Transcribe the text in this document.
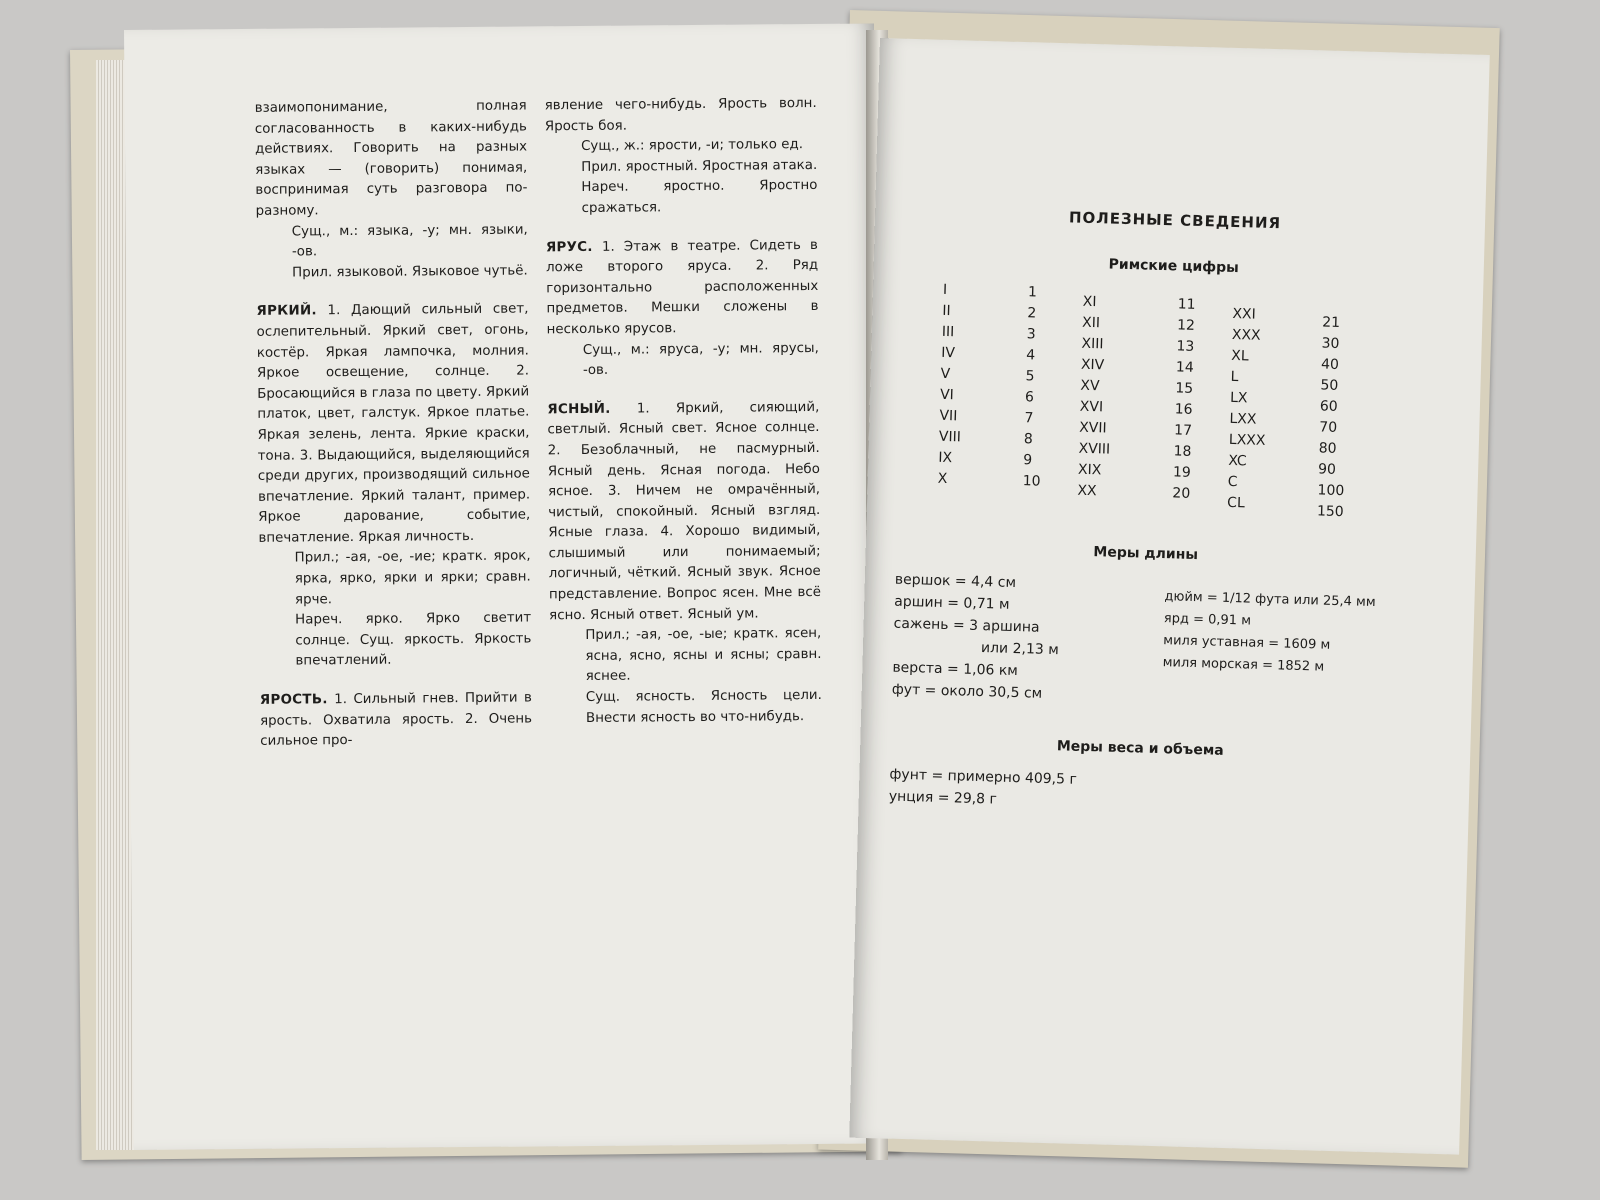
взаимопонимание, полная согласованность в каких-нибудь действиях. Говорить на разных языках — (говорить) понимая, воспринимая суть разговора по-разному.

Сущ., м.: языка, -у; мн. языки, -ов.

Прил. языковой. Языковое чутьё.

ЯРКИЙ. 1. Дающий сильный свет, ослепительный. Яркий свет, огонь, костёр. Яркая лампочка, молния. Яркое освещение, солнце. 2. Бросающийся в глаза по цвету. Яркий платок, цвет, галстук. Яркое платье. Яркая зелень, лента. Яркие краски, тона. 3. Выдающийся, выделяющийся среди других, производящий сильное впечатление. Яркий талант, пример. Яркое дарование, событие, впечатление. Яркая личность.

Прил.; -ая, -ое, -ие; кратк. ярок, ярка, ярко, ярки и ярки; сравн. ярче.

Нареч. ярко. Ярко светит солнце. Сущ. яркость. Яркость впечатлений.

ЯРОСТЬ. 1. Сильный гнев. Прийти в ярость. Охватила ярость. 2. Очень сильное про-

явление чего-нибудь. Ярость волн. Ярость боя.

Сущ., ж.: ярости, -и; только ед.

Прил. яростный. Яростная атака. Нареч. яростно. Яростно сражаться.

ЯРУС. 1. Этаж в театре. Сидеть в ложе второго яруса. 2. Ряд горизонтально расположенных предметов. Мешки сложены в несколько ярусов.

Сущ., м.: яруса, -у; мн. ярусы, -ов.

ЯСНЫЙ. 1. Яркий, сияющий, светлый. Ясный свет. Ясное солнце. 2. Безоблачный, не пасмурный. Ясный день. Ясная погода. Небо ясное. 3. Ничем не омрачённый, чистый, спокойный. Ясный взгляд. Ясные глаза. 4. Хорошо видимый, слышимый или понимаемый; логичный, чёткий. Ясный звук. Ясное представление. Вопрос ясен. Мне всё ясно. Ясный ответ. Ясный ум.

Прил.; -ая, -ое, -ые; кратк. ясен, ясна, ясно, ясны и ясны; сравн. яснее.

Сущ. ясность. Ясность цели. Внести ясность во что-нибудь.

ПОЛЕЗНЫЕ СВЕДЕНИЯ
Римские цифры
I
II
III
IV
V
VI
VII
VIII
IX
X
1
2
3
4
5
6
7
8
9
10
XI
XII
XIII
XIV
XV
XVI
XVII
XVIII
XIX
XX
11
12
13
14
15
16
17
18
19
20
XXI
XXX
XL
L
LX
LXX
LXXX
XC
C
CL
21
30
40
50
60
70
80
90
100
150
Меры длины
вершок = 4,4 см
аршин = 0,71 м
сажень = 3 аршина
или 2,13 м
верста = 1,06 км
фут = около 30,5 см
дюйм = 1/12 фута или 25,4 мм
ярд = 0,91 м
миля уставная = 1609 м
миля морская = 1852 м
Меры веса и объема
фунт = примерно 409,5 г
унция = 29,8 г
